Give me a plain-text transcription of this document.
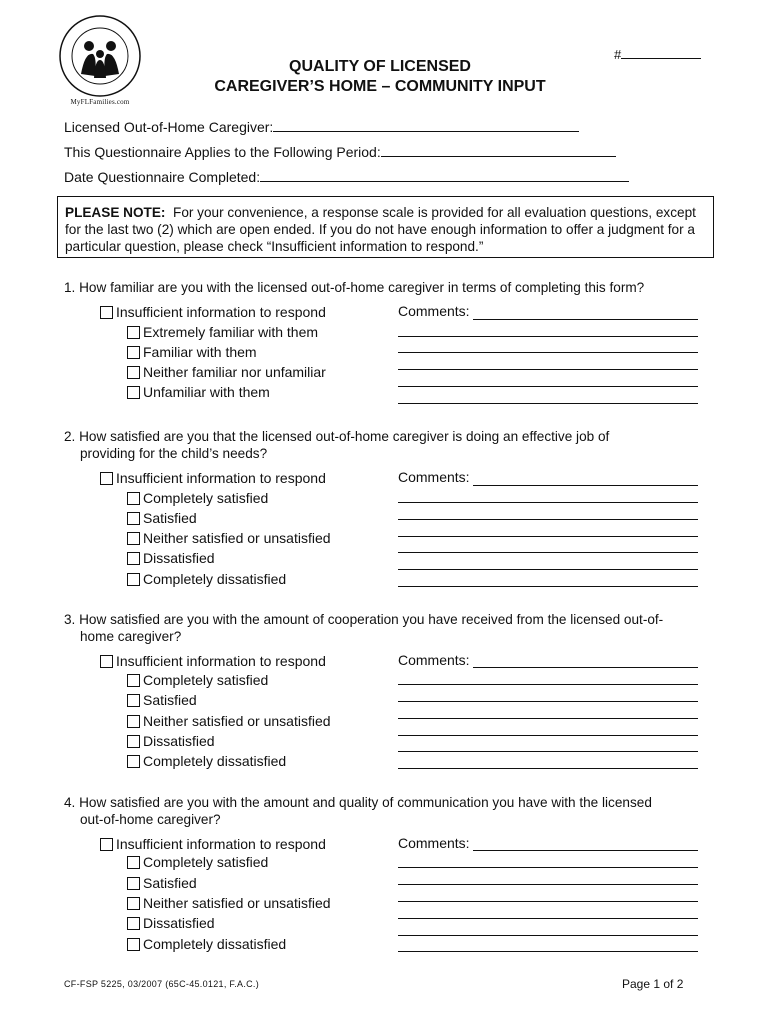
MyFLFamilies.com
#
QUALITY OF LICENSED
CAREGIVER’S HOME – COMMUNITY INPUT
Licensed Out-of-Home Caregiver:
This Questionnaire Applies to the Following Period:
Date Questionnaire Completed:
PLEASE NOTE: For your convenience, a response scale is provided for all evaluation questions, except for the last two (2) which are open ended. If you do not have enough information to offer a judgment for a particular question, please check “Insufficient information to respond.”
1. How familiar are you with the licensed out-of-home caregiver in terms of completing this form?
Insufficient information to respond
Extremely familiar with them
Familiar with them
Neither familiar nor unfamiliar
Unfamiliar with them
Comments:
2. How satisfied are you that the licensed out-of-home caregiver is doing an effective job of
providing for the child’s needs?
Insufficient information to respond
Completely satisfied
Satisfied
Neither satisfied or unsatisfied
Dissatisfied
Completely dissatisfied
Comments:
3. How satisfied are you with the amount of cooperation you have received from the licensed out-of-
home caregiver?
Insufficient information to respond
Completely satisfied
Satisfied
Neither satisfied or unsatisfied
Dissatisfied
Completely dissatisfied
Comments:
4. How satisfied are you with the amount and quality of communication you have with the licensed
out-of-home caregiver?
Insufficient information to respond
Completely satisfied
Satisfied
Neither satisfied or unsatisfied
Dissatisfied
Completely dissatisfied
Comments:
CF-FSP 5225, 03/2007 (65C-45.0121, F.A.C.)	Page 1 of 2
